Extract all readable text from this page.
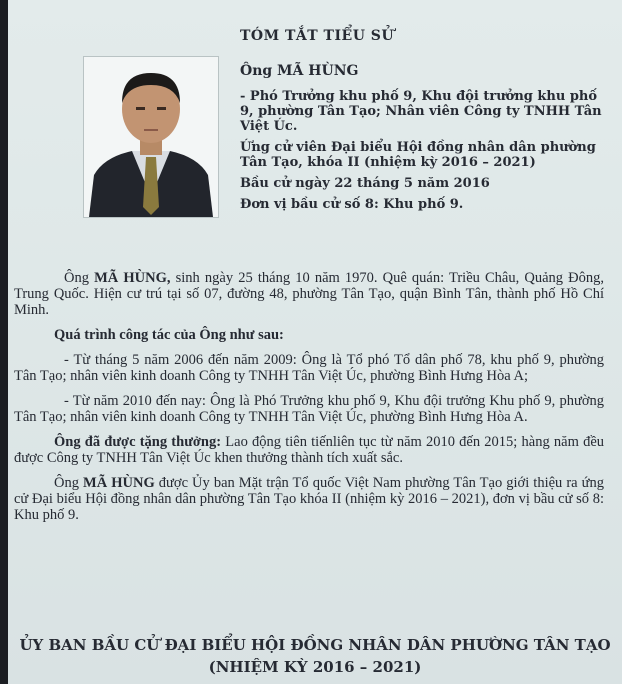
TÓM TẮT TIỂU SỬ
Ông MÃ HÙNG

- Phó Trưởng khu phố 9, Khu đội trưởng khu phố 9, phường Tân Tạo; Nhân viên Công ty TNHH Tân Việt Úc.

Ứng cử viên Đại biểu Hội đồng nhân dân phường Tân Tạo, khóa II (nhiệm kỳ 2016 – 2021)

Bầu cử ngày 22 tháng 5 năm 2016

Đơn vị bầu cử số 8: Khu phố 9.

Ông MÃ HÙNG, sinh ngày 25 tháng 10 năm 1970. Quê quán: Triều Châu, Quảng Đông, Trung Quốc. Hiện cư trú tại số 07, đường 48, phường Tân Tạo, quận Bình Tân, thành phố Hồ Chí Minh.

Quá trình công tác của Ông như sau:

- Từ tháng 5 năm 2006 đến năm 2009: Ông là Tổ phó Tổ dân phố 78, khu phố 9, phường Tân Tạo; nhân viên kinh doanh Công ty TNHH Tân Việt Úc, phường Bình Hưng Hòa A;

- Từ năm 2010 đến nay: Ông là Phó Trưởng khu phố 9, Khu đội trưởng Khu phố 9, phường Tân Tạo; nhân viên kinh doanh Công ty TNHH Tân Việt Úc, phường Bình Hưng Hòa A.

Ông đã được tặng thưởng: Lao động tiên tiếnliên tục từ năm 2010 đến 2015; hàng năm đều được Công ty TNHH Tân Việt Úc khen thưởng thành tích xuất sắc.

Ông MÃ HÙNG được Ủy ban Mặt trận Tổ quốc Việt Nam phường Tân Tạo giới thiệu ra ứng cử Đại biểu Hội đồng nhân dân phường Tân Tạo khóa II (nhiệm kỳ 2016 – 2021), đơn vị bầu cử số 8: Khu phố 9.

ỦY BAN BẦU CỬ ĐẠI BIỂU HỘI ĐỒNG NHÂN DÂN PHƯỜNG TÂN TẠO
(NHIỆM KỲ 2016 – 2021)
